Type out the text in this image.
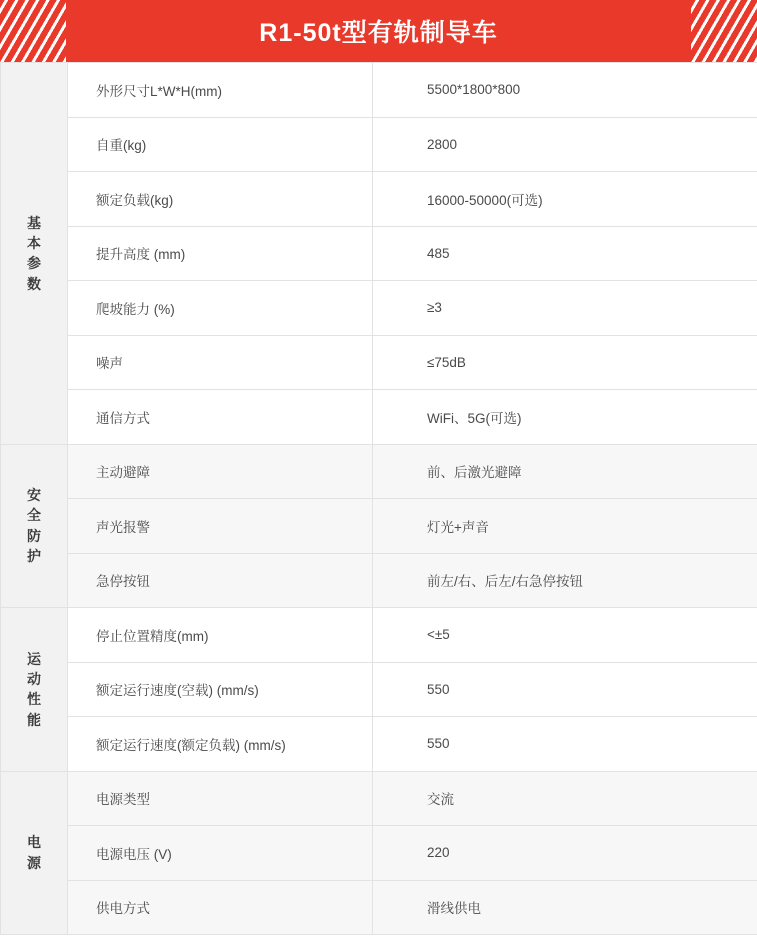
R1-50t型有轨制导车
基本参数	外形尺寸L*W*H(mm)	5500*1800*800
	自重(kg)	2800
	额定负载(kg)	16000-50000(可选)
	提升高度 (mm)	485
	爬坡能力 (%)	≥3
	噪声	≤75dB
	通信方式	WiFi、5G(可选)
安全防护	主动避障	前、后激光避障
	声光报警	灯光+声音
	急停按钮	前左/右、后左/右急停按钮
运动性能	停止位置精度(mm)	<±5
	额定运行速度(空载) (mm/s)	550
	额定运行速度(额定负载) (mm/s)	550
电源	电源类型	交流
	电源电压 (V)	220
	供电方式	滑线供电
